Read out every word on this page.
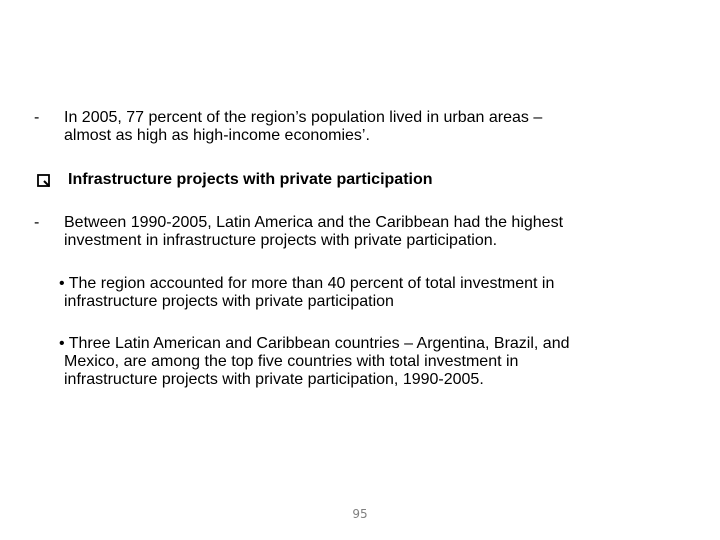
- In 2005, 77 percent of the region’s population lived in urban areas –
almost as high as high-income economies’.
Infrastructure projects with private participation
- Between 1990-2005, Latin America and the Caribbean had the highest
investment in infrastructure projects with private participation.
• The region accounted for more than 40 percent of total investment in
infrastructure projects with private participation
• Three Latin American and Caribbean countries – Argentina, Brazil, and
Mexico, are among the top five countries with total investment in
infrastructure projects with private participation, 1990-2005.
95
